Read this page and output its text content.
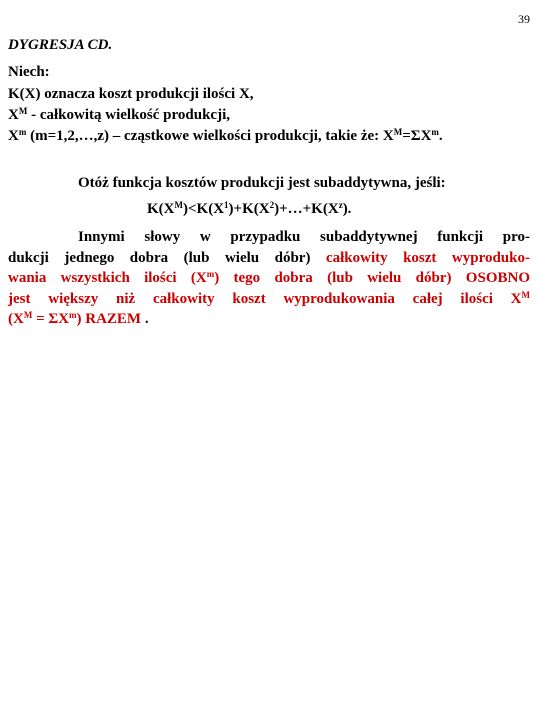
39
DYGRESJA CD.
Niech:
K(X) oznacza koszt produkcji ilości X,
$X^M$ - całkowitą wielkość produkcji,
$X^m$ (m=1,2,…,z) – cząstkowe wielkości produkcji, takie że: $X^M=\Sigma X^m$.
Otóż funkcja kosztów produkcji jest subaddytywna, jeśli:
$K(X^M)<K(X^1)+K(X^2)+\dots+K(X^z)$.
Innymi słowy w przypadku subaddytywnej funkcji pro-
dukcji jednego dobra (lub wielu dóbr) całkowity koszt wyproduko-
wania wszystkich ilości $(X^m)$ tego dobra (lub wielu dóbr) OSOBNO
jest większy niż całkowity koszt wyprodukowania całej ilości $X^M$
$(X^M = \Sigma X^m)$ RAZEM .
